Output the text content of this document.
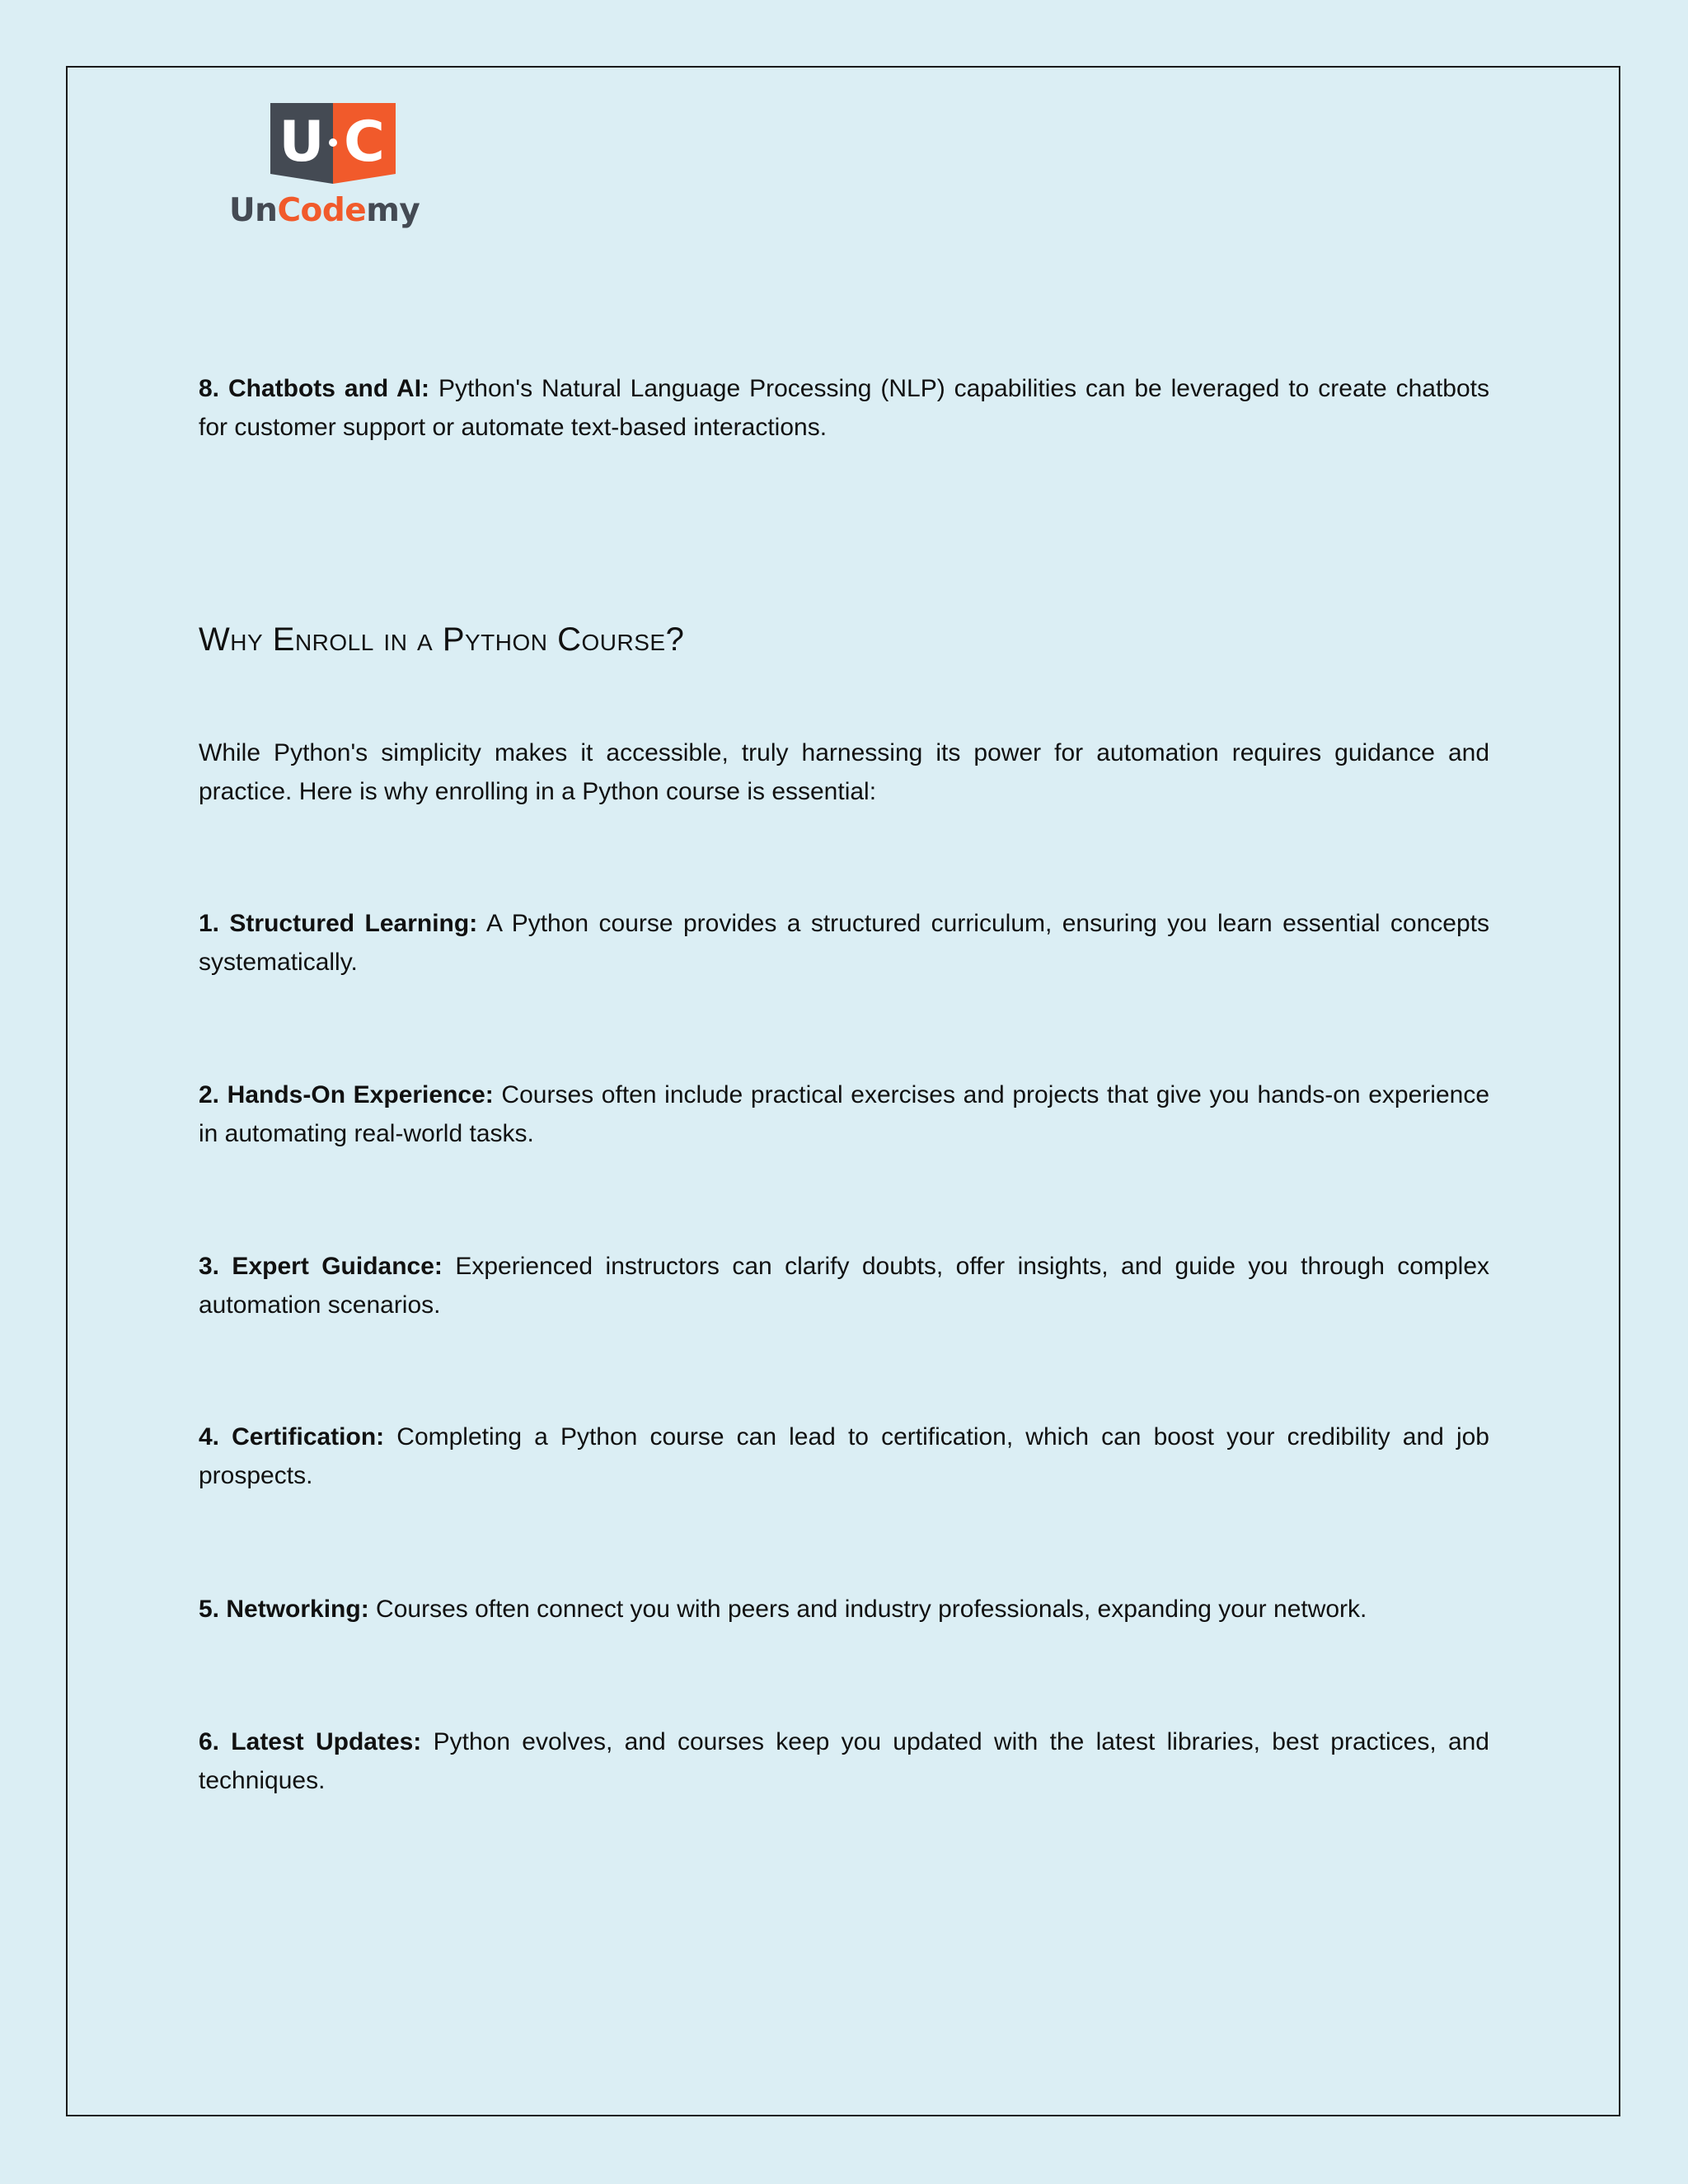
U C
UnCodemy

8. Chatbots and AI: Python's Natural Language Processing (NLP) capabilities can be leveraged to create chatbots for customer support or automate text-based interactions.

Why Enroll in a Python Course?

While Python's simplicity makes it accessible, truly harnessing its power for automation requires guidance and practice. Here is why enrolling in a Python course is essential:

1. Structured Learning: A Python course provides a structured curriculum, ensuring you learn essential concepts systematically.

2. Hands-On Experience: Courses often include practical exercises and projects that give you hands-on experience in automating real-world tasks.

3. Expert Guidance: Experienced instructors can clarify doubts, offer insights, and guide you through complex automation scenarios.

4. Certification: Completing a Python course can lead to certification, which can boost your credibility and job prospects.

5. Networking: Courses often connect you with peers and industry professionals, expanding your network.

6. Latest Updates: Python evolves, and courses keep you updated with the latest libraries, best practices, and techniques.
